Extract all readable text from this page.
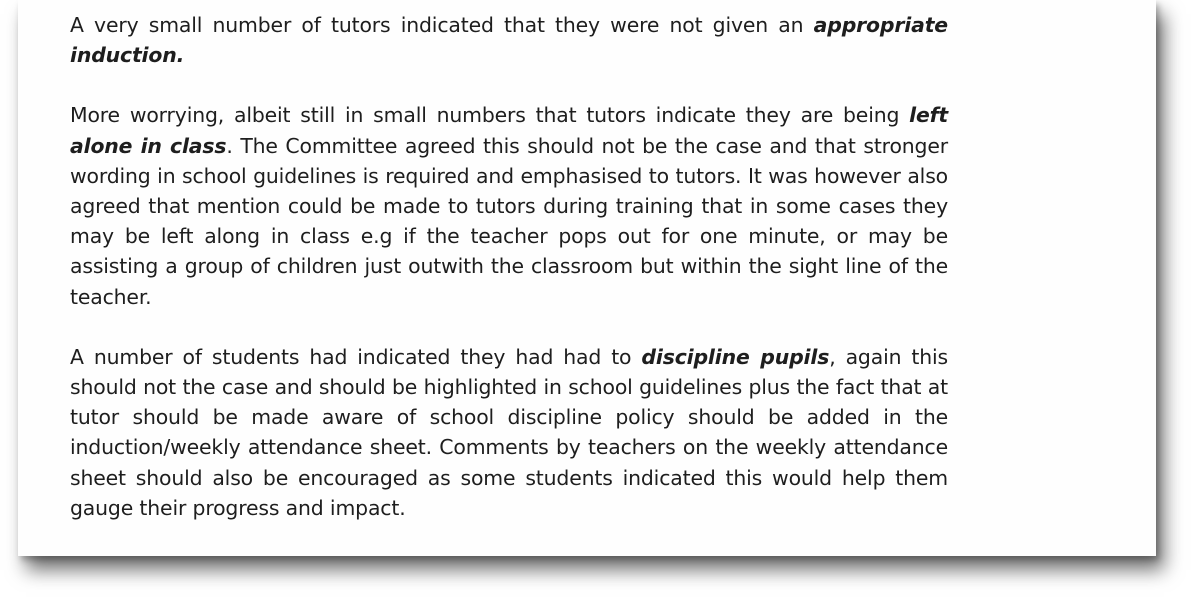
A very small number of tutors indicated that they were not given an appropriate induction.

More worrying, albeit still in small numbers that tutors indicate they are being left alone in class. The Committee agreed this should not be the case and that stronger wording in school guidelines is required and emphasised to tutors. It was however also agreed that mention could be made to tutors during training that in some cases they may be left along in class e.g if the teacher pops out for one minute, or may be assisting a group of children just outwith the classroom but within the sight line of the teacher.

A number of students had indicated they had had to discipline pupils, again this should not the case and should be highlighted in school guidelines plus the fact that at tutor should be made aware of school discipline policy should be added in the induction/weekly attendance sheet. Comments by teachers on the weekly attendance sheet should also be encouraged as some students indicated this would help them gauge their progress and impact.
